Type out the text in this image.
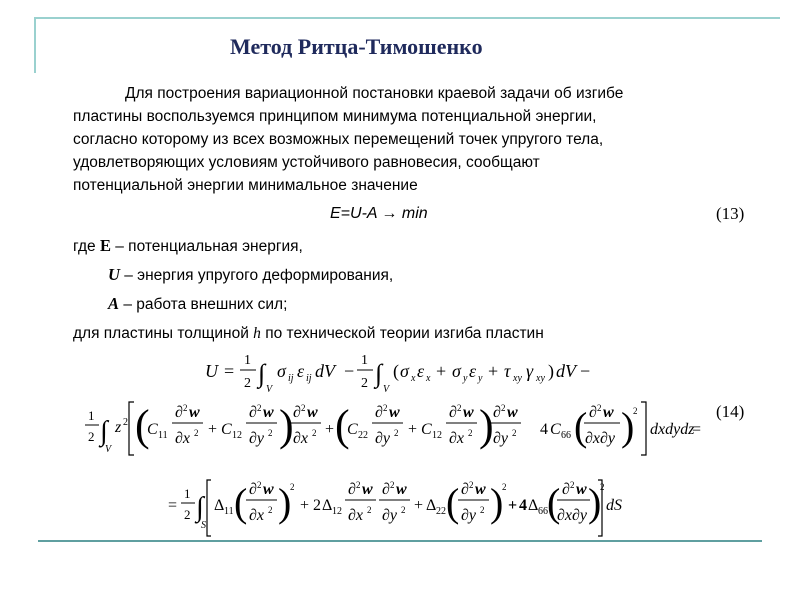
Метод Ритца-Тимошенко
Для построения вариационной постановки краевой задачи об изгибе
пластины воспользуемся принципом минимума потенциальной энергии,
согласно которому из всех возможных перемещений точек упругого тела,
удовлетворяющих условиям устойчивого равновесия, сообщают
потенциальной энергии минимальное значение
E=U-A → min	(13)
где E – потенциальная энергия,
U – энергия упругого деформирования,
A – работа внешних сил;
для пластины толщиной h по технической теории изгиба пластин
U =
1
2 ∫
V
σ ij ε ij dV −
1
2 ∫
V
( σ x ε x + σ y ε y + τ xy γ xy ) dV −
1
2 ∫
V
z 2 (
C 11
∂ 2 w
∂x 2 + C 12
∂ 2 w
∂y 2 ) ∂ 2 w
∂x 2 + (
C 22
∂ 2 w
∂y 2 + C 12
∂ 2 w
∂x 2 ) ∂ 2 w
∂y 2 4 C 66 ( ∂ 2 w
∂x∂y )
2
dxdydz
=
=
1
2 ∫
S
Δ 11 ( ∂ 2 w
∂x 2 )
2
+ 2 Δ 12
∂ 2 w
∂x 2
∂ 2 w
∂y 2 + Δ 22 ( ∂ 2 w
∂y 2 )
2
+ 4 Δ 66 ( ∂ 2 w
∂x∂y )
2
dS
(14)
